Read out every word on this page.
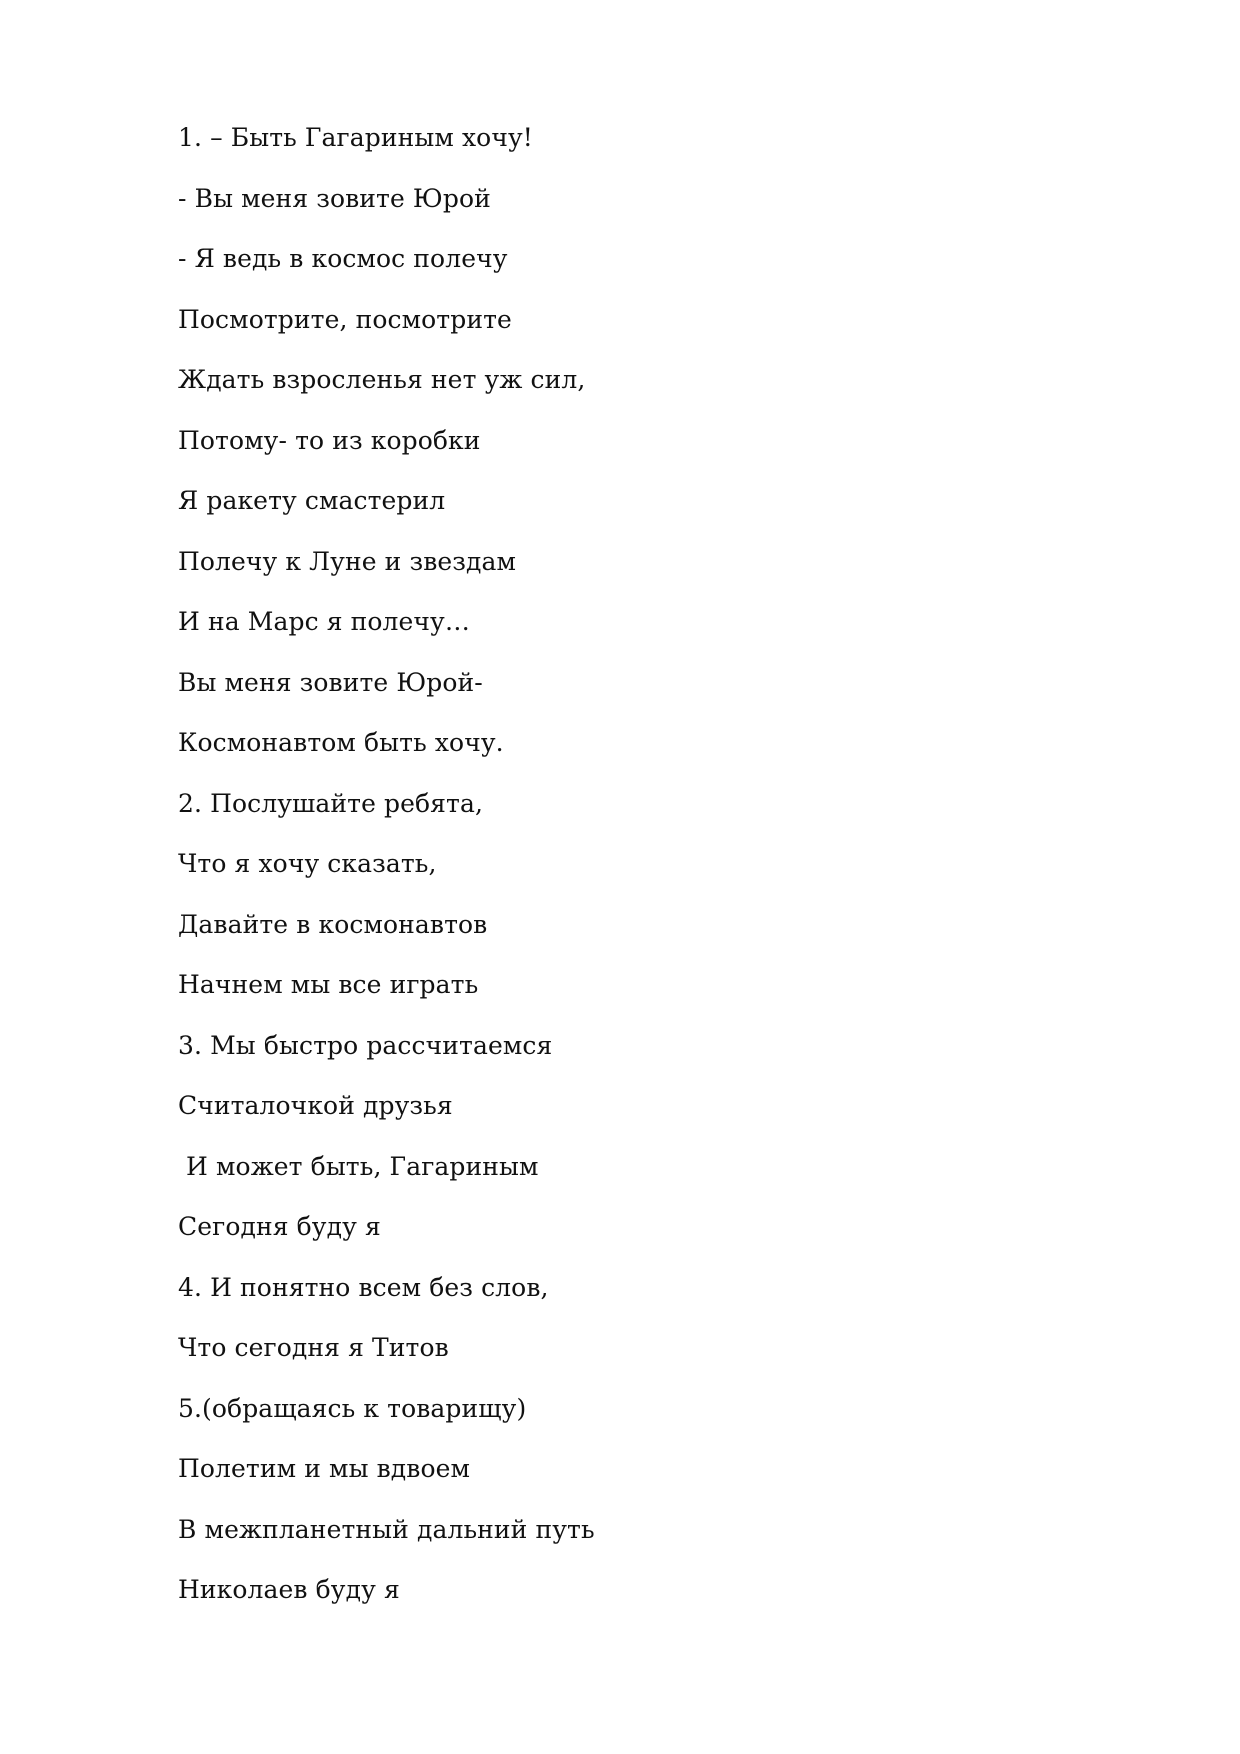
1. – Быть Гагариным хочу!
- Вы меня зовите Юрой
- Я ведь в космос полечу
Посмотрите, посмотрите
Ждать взросленья нет уж сил,
Потому- то из коробки
Я ракету смастерил
Полечу к Луне и звездам
И на Марс я полечу…
Вы меня зовите Юрой-
Космонавтом быть хочу.
2. Послушайте ребята,
Что я хочу сказать,
Давайте в космонавтов
Начнем мы все играть
3. Мы быстро рассчитаемся
Считалочкой друзья
И может быть, Гагариным
Сегодня буду я
4. И понятно всем без слов,
Что сегодня я Титов
5.(обращаясь к товарищу)
Полетим и мы вдвоем
В межпланетный дальний путь
Николаев буду я
